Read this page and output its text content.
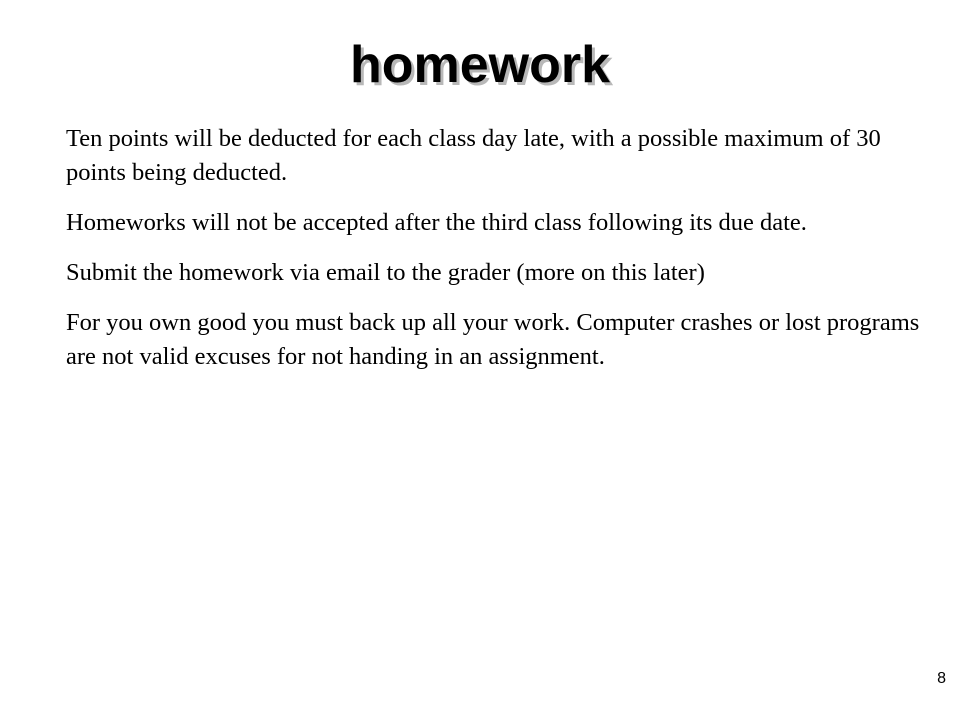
homework

Ten points will be deducted for each class day late, with a possible maximum of 30 points being deducted.

Homeworks will not be accepted after the third class following its due date.

Submit the homework via email to the grader (more on this later)

For you own good you must back up all your work. Computer crashes or lost programs are not valid excuses for not handing in an assignment.

8
